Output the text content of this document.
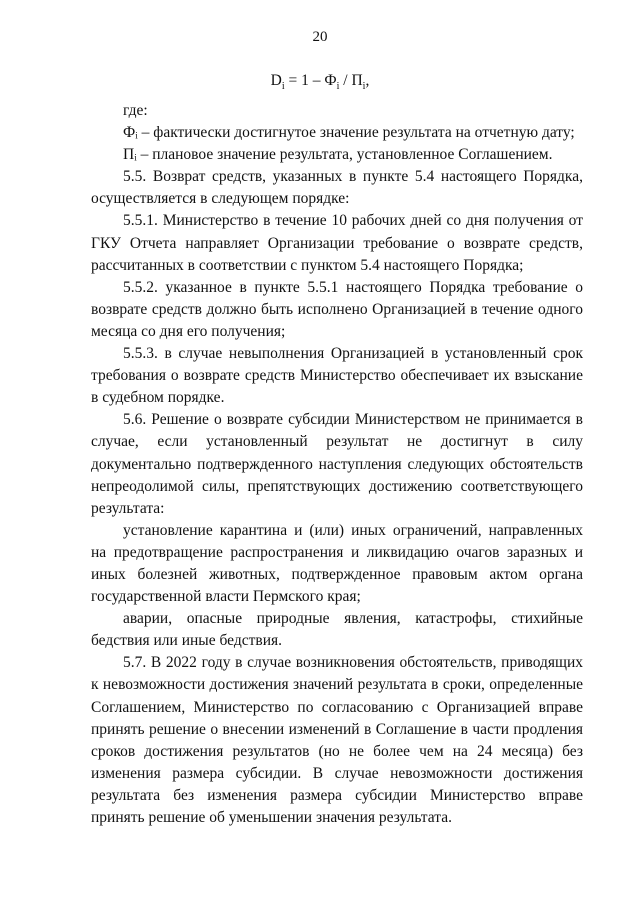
20
$D_i = 1 - Ф_i / П_i$,

где:

Фᵢ – фактически достигнутое значение результата на отчетную дату;

Пᵢ – плановое значение результата, установленное Соглашением.

5.5. Возврат средств, указанных в пункте 5.4 настоящего Порядка, осуществляется в следующем порядке:

5.5.1. Министерство в течение 10 рабочих дней со дня получения от ГКУ Отчета направляет Организации требование о возврате средств, рассчитанных в соответствии с пунктом 5.4 настоящего Порядка;

5.5.2. указанное в пункте 5.5.1 настоящего Порядка требование о возврате средств должно быть исполнено Организацией в течение одного месяца со дня его получения;

5.5.3. в случае невыполнения Организацией в установленный срок требования о возврате средств Министерство обеспечивает их взыскание в судебном порядке.

5.6. Решение о возврате субсидии Министерством не принимается в случае, если установленный результат не достигнут в силу документально подтвержденного наступления следующих обстоятельств непреодолимой силы, препятствующих достижению соответствующего результата:

установление карантина и (или) иных ограничений, направленных на предотвращение распространения и ликвидацию очагов заразных и иных болезней животных, подтвержденное правовым актом органа государственной власти Пермского края;

аварии, опасные природные явления, катастрофы, стихийные бедствия или иные бедствия.

5.7. В 2022 году в случае возникновения обстоятельств, приводящих к невозможности достижения значений результата в сроки, определенные Соглашением, Министерство по согласованию с Организацией вправе принять решение о внесении изменений в Соглашение в части продления сроков достижения результатов (но не более чем на 24 месяца) без изменения размера субсидии. В случае невозможности достижения результата без изменения размера субсидии Министерство вправе принять решение об уменьшении значения результата.
